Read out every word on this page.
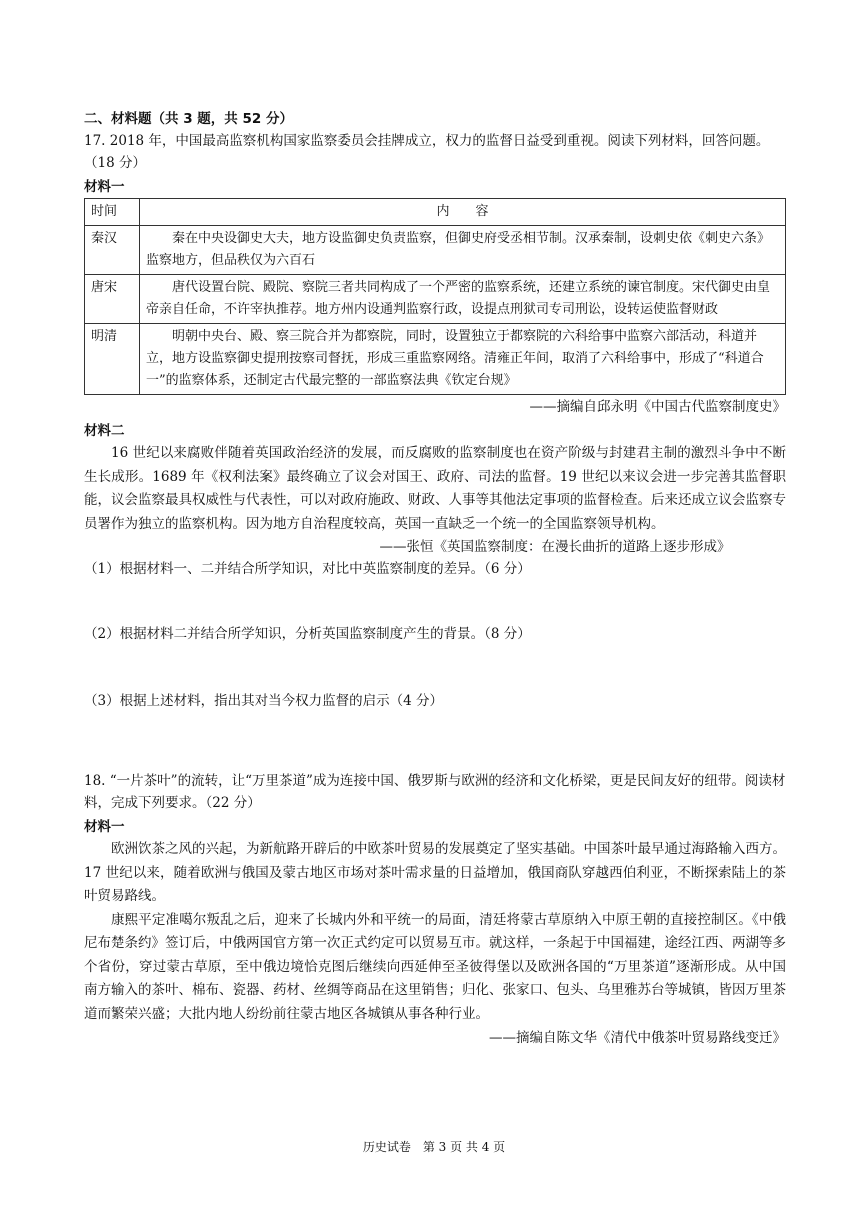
二、材料题（共 3 题，共 52 分）
17. 2018 年，中国最高监察机构国家监察委员会挂牌成立，权力的监督日益受到重视。阅读下列材料，回答问题。（18 分）
材料一
时间	内　　容
秦汉	秦在中央设御史大夫，地方设监御史负责监察，但御史府受丞相节制。汉承秦制，设刺史依《刺史六条》监察地方，但品秩仅为六百石
唐宋	唐代设置台院、殿院、察院三者共同构成了一个严密的监察系统，还建立系统的谏官制度。宋代御史由皇帝亲自任命，不许宰执推荐。地方州内设通判监察行政，设提点刑狱司专司刑讼，设转运使监督财政
明清	明朝中央台、殿、察三院合并为都察院，同时，设置独立于都察院的六科给事中监察六部活动，科道并立，地方设监察御史提刑按察司督抚，形成三重监察网络。清雍正年间，取消了六科给事中，形成了“科道合一”的监察体系，还制定古代最完整的一部监察法典《钦定台规》
——摘编自邱永明《中国古代监察制度史》
材料二
16 世纪以来腐败伴随着英国政治经济的发展，而反腐败的监察制度也在资产阶级与封建君主制的激烈斗争中不断生长成形。1689 年《权利法案》最终确立了议会对国王、政府、司法的监督。19 世纪以来议会进一步完善其监督职能，议会监察最具权威性与代表性，可以对政府施政、财政、人事等其他法定事项的监督检查。后来还成立议会监察专员署作为独立的监察机构。因为地方自治程度较高，英国一直缺乏一个统一的全国监察领导机构。
——张恒《英国监察制度：在漫长曲折的道路上逐步形成》
（1）根据材料一、二并结合所学知识，对比中英监察制度的差异。（6 分）
（2）根据材料二并结合所学知识，分析英国监察制度产生的背景。（8 分）
（3）根据上述材料，指出其对当今权力监督的启示（4 分）
18. “一片茶叶”的流转，让“万里茶道”成为连接中国、俄罗斯与欧洲的经济和文化桥梁，更是民间友好的纽带。阅读材料，完成下列要求。（22 分）
材料一
欧洲饮茶之风的兴起，为新航路开辟后的中欧茶叶贸易的发展奠定了坚实基础。中国茶叶最早通过海路输入西方。17 世纪以来，随着欧洲与俄国及蒙古地区市场对茶叶需求量的日益增加，俄国商队穿越西伯利亚，不断探索陆上的茶叶贸易路线。
康熙平定准噶尔叛乱之后，迎来了长城内外和平统一的局面，清廷将蒙古草原纳入中原王朝的直接控制区。《中俄尼布楚条约》签订后，中俄两国官方第一次正式约定可以贸易互市。就这样，一条起于中国福建，途经江西、两湖等多个省份，穿过蒙古草原，至中俄边境恰克图后继续向西延伸至圣彼得堡以及欧洲各国的“万里茶道”逐渐形成。从中国南方输入的茶叶、棉布、瓷器、药材、丝绸等商品在这里销售；归化、张家口、包头、乌里雅苏台等城镇，皆因万里茶道而繁荣兴盛；大批内地人纷纷前往蒙古地区各城镇从事各种行业。
——摘编自陈文华《清代中俄茶叶贸易路线变迁》
历史试卷　第 3 页 共 4 页
